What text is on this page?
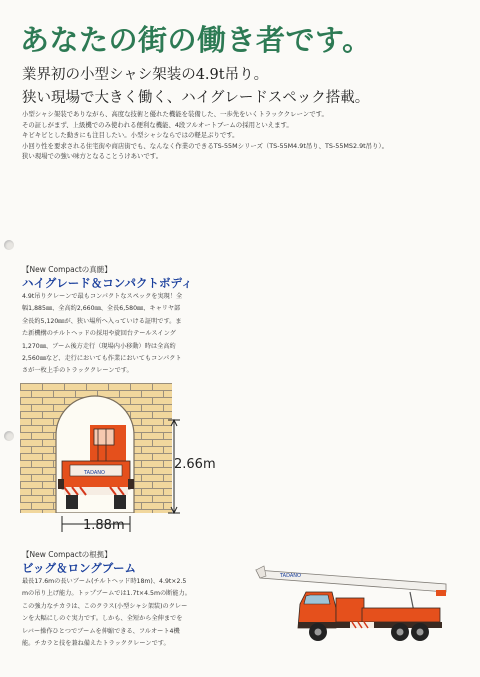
あなたの街の働き者です。
業界初の小型シャシ架装の4.9t吊り。
狭い現場で大きく働く、ハイグレードスペック搭載。

小型シャシ架装でありながら、高度な技術と優れた機能を装備した、一歩先をいくトラッククレーンです。

その証しがまず、上級機でのみ使われる便利な機能、4段フルオートブームの採用といえます。

キビキビとした動きにも注目したい。小型シャシならではの軽足ぶりです。

小回り性を要求される住宅街や商店街でも、なんなく作業のできるTS-55Mシリーズ（TS-55M4.9t吊り、TS-55MS2.9t吊り）。

狭い現場での強い味方となることうけあいです。

【New Compactの真髄】
ハイグレード＆コンパクトボディ

4.9t吊りクレーンで最もコンパクトなスペックを実現！全

幅1,885㎜、全高約2,660㎜、全長6,580㎜、キャリヤ部

全長約5,120㎜が、狭い場所へ入っていける証明です。ま

た新機構のチルトヘッドの採用や旋回台テールスイング

1,270㎜、ブーム後方走行（現場内小移動）時は全高約

2,560㎜など、走行においても作業においてもコンパクト

さが一枚上手のトラッククレーンです。

TADANO
2.66m
1.88m
【New Compactの根拠】
ビッグ＆ロングブーム

最長17.6mの長いブーム(チルトヘッド時18m)、4.9t×2.5

mの吊り上げ能力。トップブームでは1.7t×4.5mの断能力。

この強力なチカラは、このクラス(小型シャシ架装)のクレー

ンを大幅にしのぐ実力です。しかも、全短から全伸までを

レバー操作ひとつでブームを伸縮できる、フルオート4機

能。チカラと技を兼ね備えたトラッククレーンです。

TADANO
